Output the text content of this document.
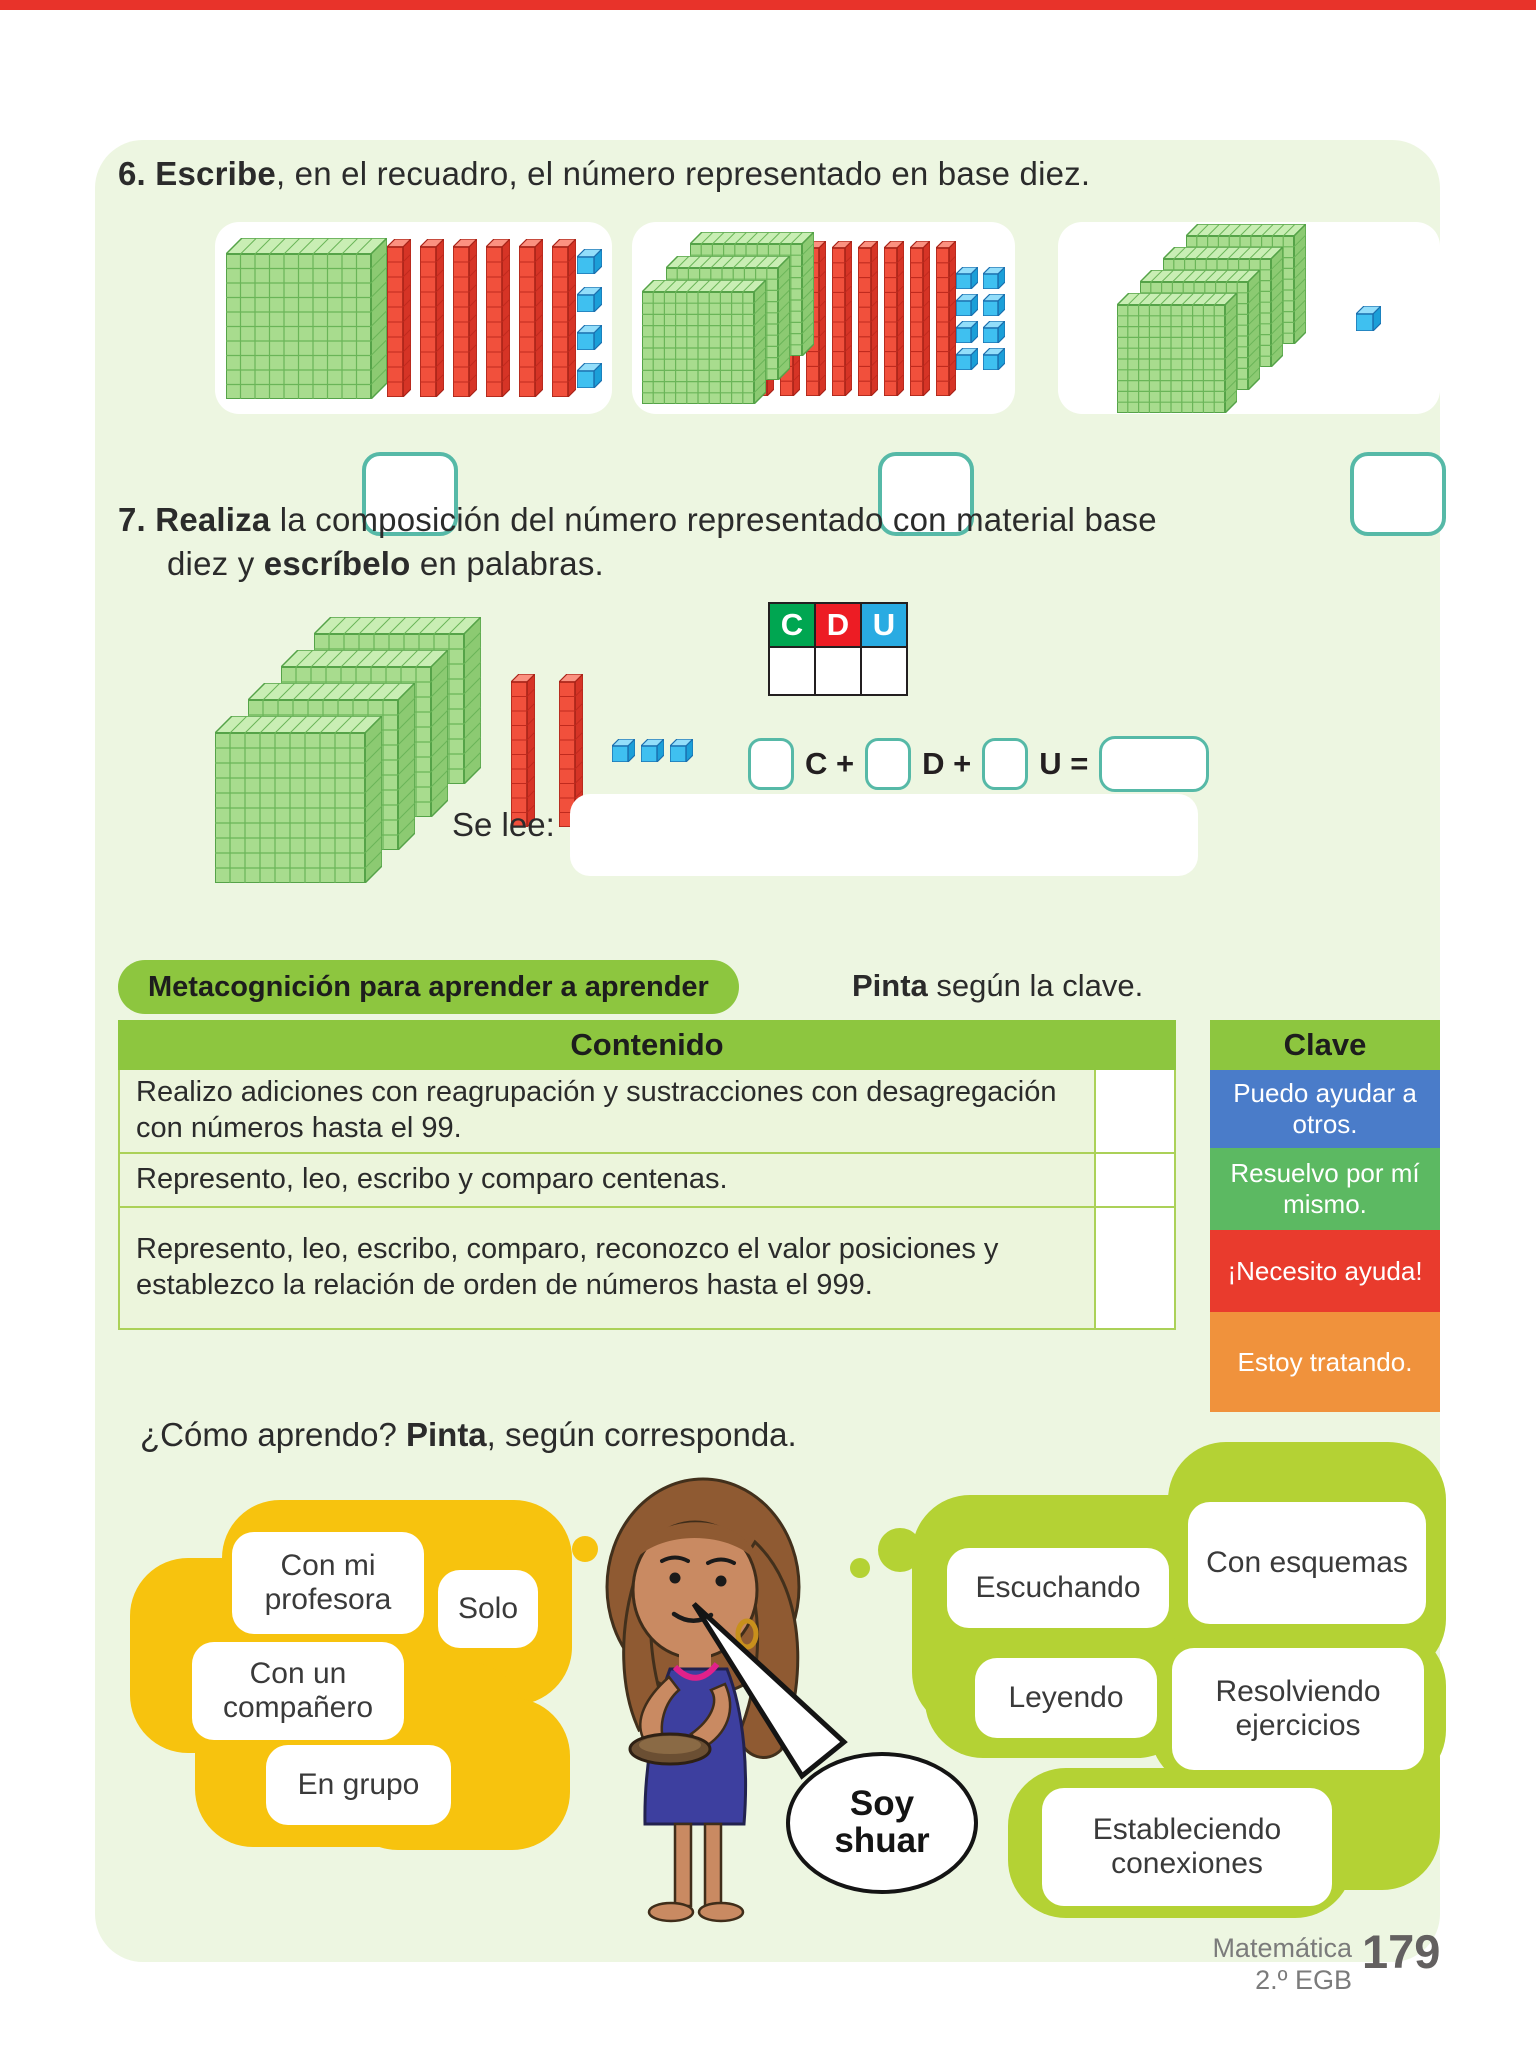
6. Escribe, en el recuadro, el número representado en base diez.
7. Realiza la composición del número representado con material base
diez y escríbelo en palabras.
C	D	U

C + D + U =
Se lee:
Metacognición para aprender a aprender	Pinta según la clave.
Contenido
Realizo adiciones con reagrupación y sustracciones con desagregación con números hasta el 99.
Represento, leo, escribo y comparo centenas.
Represento, leo, escribo, comparo, reconozco el valor posiciones y establezco la relación de orden de números hasta el 999.
Clave
Puedo ayudar a otros.
Resuelvo por mí mismo.
¡Necesito ayuda!
Estoy tratando.
¿Cómo aprendo? Pinta, según corresponda.
Con mi profesora	Solo
Con un compañero
En grupo
Escuchando
Con esquemas
Leyendo	Resolviendo ejercicios
Estableciendo conexiones
Soy shuar
Matemática
2.º EGB
179
